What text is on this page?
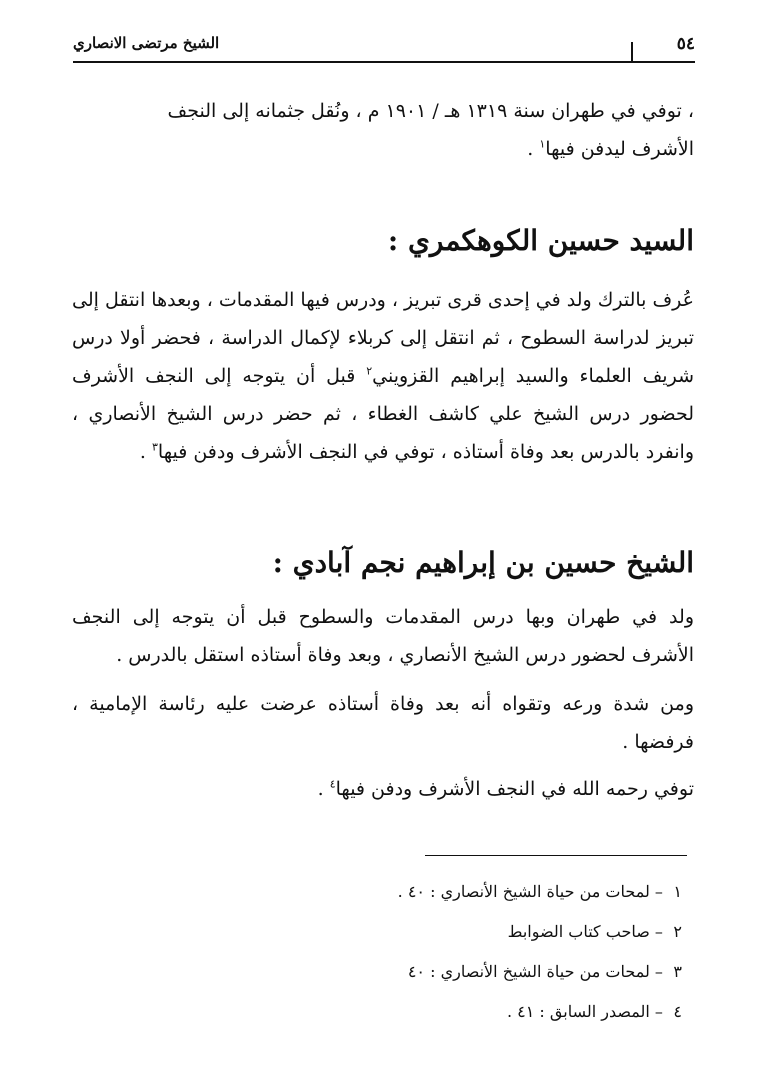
٥٤
الشيخ مرتضى الانصاري

، توفي في طهران سنة ١٣١٩ هـ / ١٩٠١ م ، ونُقل جثمانه إلى النجف
الأشرف ليدفن فيها$^١$ .

السيد حسين الكوهكمري :

عُرف بالترك ولد في إحدى قرى تبريز ، ودرس فيها المقدمات ، وبعدها انتقل إلى تبريز لدراسة السطوح ، ثم انتقل إلى كربلاء لإكمال الدراسة ، فحضر أولا درس شريف العلماء والسيد إبراهيم القزويني$^٢$ قبل أن يتوجه إلى النجف الأشرف لحضور درس الشيخ علي كاشف الغطاء ، ثم حضر درس الشيخ الأنصاري ، وانفرد بالدرس بعد وفاة أستاذه ، توفي في النجف الأشرف ودفن فيها$^٣$ .

الشيخ حسين بن إبراهيم نجم آبادي :

ولد في طهران وبها درس المقدمات والسطوح قبل أن يتوجه إلى النجف الأشرف لحضور درس الشيخ الأنصاري ، وبعد وفاة أستاذه استقل بالدرس .

ومن شدة ورعه وتقواه أنه بعد وفاة أستاذه عرضت عليه رئاسة الإمامية ، فرفضها .

توفي رحمه الله في النجف الأشرف ودفن فيها$^٤$ .

١ – لمحات من حياة الشيخ الأنصاري : ٤٠ .
٢ – صاحب كتاب الضوابط
٣ – لمحات من حياة الشيخ الأنصاري : ٤٠
٤ – المصدر السابق : ٤١ .
